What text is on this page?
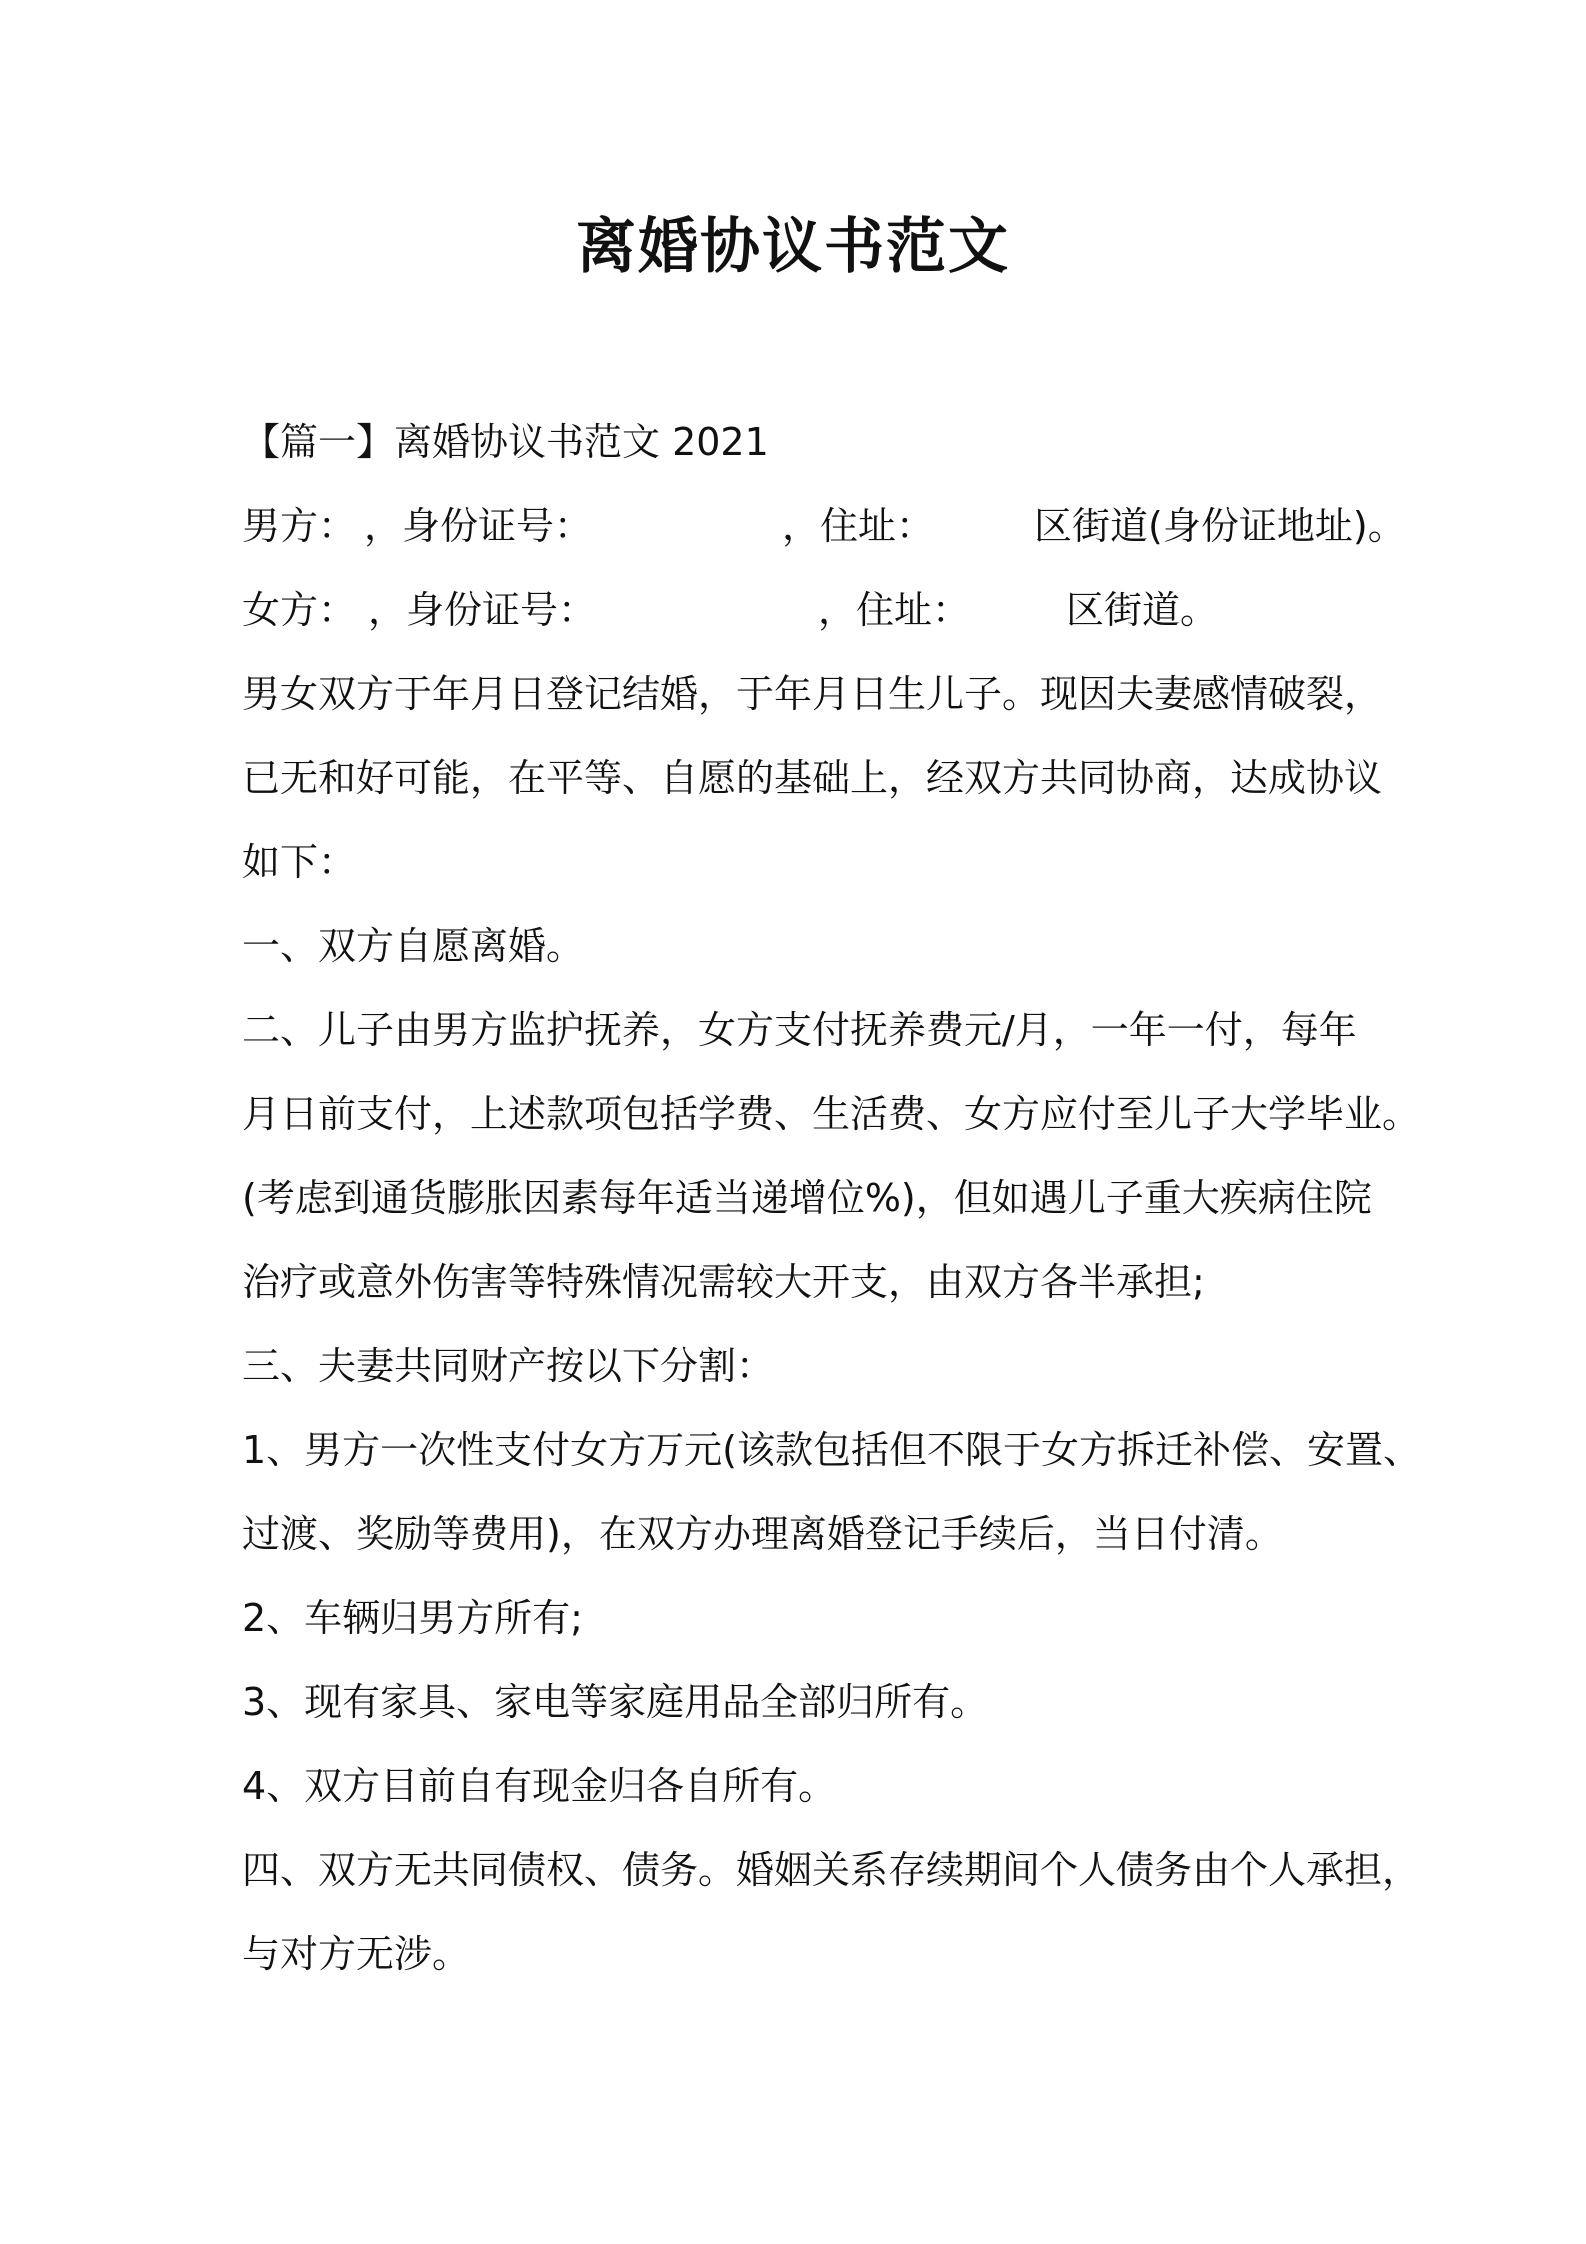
离婚协议书范文

【篇一】离婚协议书范文 2021

男方： ，身份证号：	，住址：	区街道(身份证地址)。

女方： ，身份证号：	，住址：	区街道。

男女双方于年月日登记结婚，于年月日生儿子。现因夫妻感情破裂，

已无和好可能，在平等、自愿的基础上，经双方共同协商，达成协议

如下：

一、双方自愿离婚。

二、儿子由男方监护抚养，女方支付抚养费元/月，一年一付，每年

月日前支付，上述款项包括学费、生活费、女方应付至儿子大学毕业。

(考虑到通货膨胀因素每年适当递增位%)，但如遇儿子重大疾病住院

治疗或意外伤害等特殊情况需较大开支，由双方各半承担;

三、夫妻共同财产按以下分割：

1、男方一次性支付女方万元(该款包括但不限于女方拆迁补偿、安置、

过渡、奖励等费用)，在双方办理离婚登记手续后，当日付清。

2、车辆归男方所有;

3、现有家具、家电等家庭用品全部归所有。

4、双方目前自有现金归各自所有。

四、双方无共同债权、债务。婚姻关系存续期间个人债务由个人承担，

与对方无涉。
